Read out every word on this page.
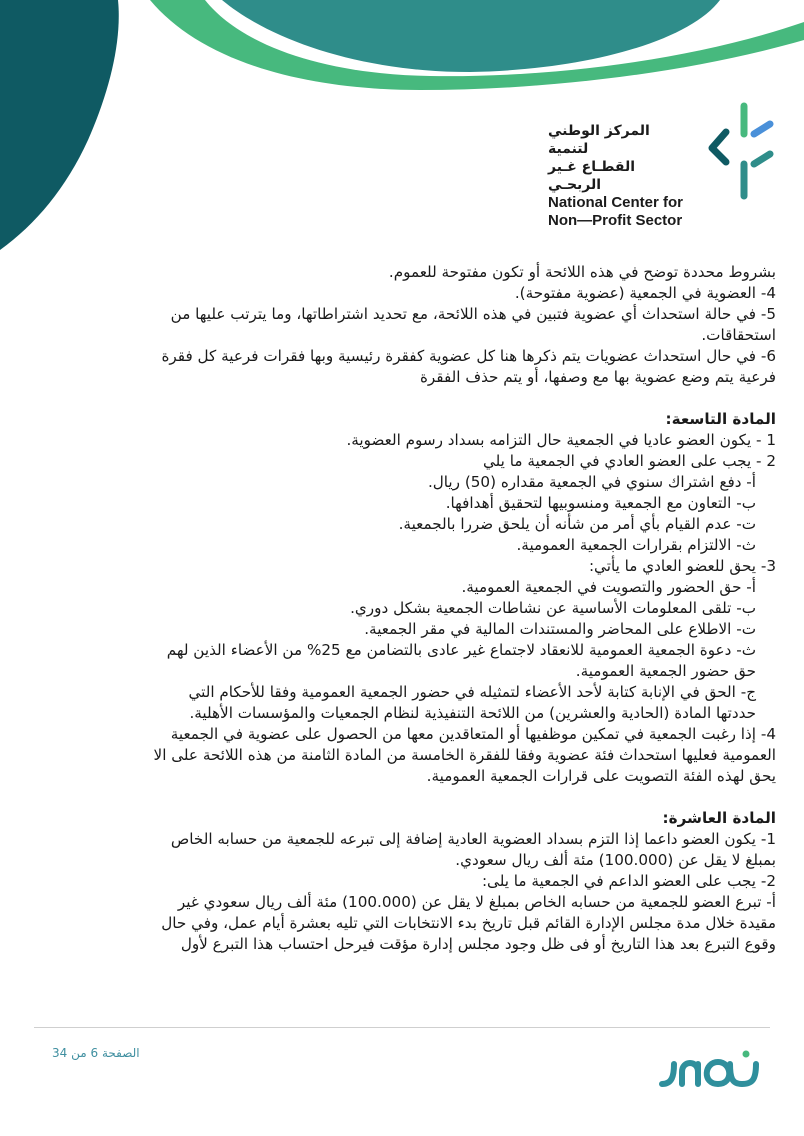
المركز الوطني لتنمية
القطـاع غـير الربحـي
National Center for
Non—Profit Sector
بشروط محددة توضح في هذه اللائحة أو تكون مفتوحة للعموم.
4- العضوية في الجمعية (عضوية مفتوحة).
5- في حالة استحداث أي عضوية فتبين في هذه اللائحة، مع تحديد اشتراطاتها، وما يترتب عليها من
استحقاقات.
6- في حال استحداث عضويات يتم ذكرها هنا كل عضوية كفقرة رئيسية وبها فقرات فرعية كل فقرة
فرعية يتم وضع عضوية بها مع وصفها، أو يتم حذف الفقرة
المادة التاسعة:
1 - يكون العضو عاديا في الجمعية حال التزامه بسداد رسوم العضوية.
2 - يجب على العضو العادي في الجمعية ما يلي
أ- دفع اشتراك سنوي في الجمعية مقداره (50) ريال.
ب- التعاون مع الجمعية ومنسوبيها لتحقيق أهدافها.
ت- عدم القيام بأي أمر من شأنه أن يلحق ضررا بالجمعية.
ث- الالتزام بقرارات الجمعية العمومية.
3- يحق للعضو العادي ما يأتي:
أ- حق الحضور والتصويت في الجمعية العمومية.
ب- تلقى المعلومات الأساسية عن نشاطات الجمعية بشكل دوري.
ت- الاطلاع على المحاضر والمستندات المالية في مقر الجمعية.
ث- دعوة الجمعية العمومية للانعقاد لاجتماع غير عادى بالتضامن مع 25% من الأعضاء الذين لهم
حق حضور الجمعية العمومية.
ج- الحق في الإنابة كتابة لأحد الأعضاء لتمثيله في حضور الجمعية العمومية وفقا للأحكام التي
حددتها المادة (الحادية والعشرين) من اللائحة التنفيذية لنظام الجمعيات والمؤسسات الأهلية.
4- إذا رغبت الجمعية في تمكين موظفيها أو المتعاقدين معها من الحصول على عضوية في الجمعية
العمومية فعليها استحداث فئة عضوية وفقا للفقرة الخامسة من المادة الثامنة من هذه اللائحة على الا
يحق لهذه الفئة التصويت على قرارات الجمعية العمومية.
المادة العاشرة:
1- يكون العضو داعما إذا التزم بسداد العضوية العادية إضافة إلى تبرعه للجمعية من حسابه الخاص
بمبلغ لا يقل عن (100.000) مئة ألف ريال سعودي.
2- يجب على العضو الداعم في الجمعية ما يلى:
أ- تبرع العضو للجمعية من حسابه الخاص بمبلغ لا يقل عن (100.000) مئة ألف ريال سعودي غير
مقيدة خلال مدة مجلس الإدارة القائم قبل تاريخ بدء الانتخابات التي تليه بعشرة أيام عمل، وفي حال
وقوع التبرع بعد هذا التاريخ أو فى ظل وجود مجلس إدارة مؤقت فيرحل احتساب هذا التبرع لأول
الصفحة 6 من 34
